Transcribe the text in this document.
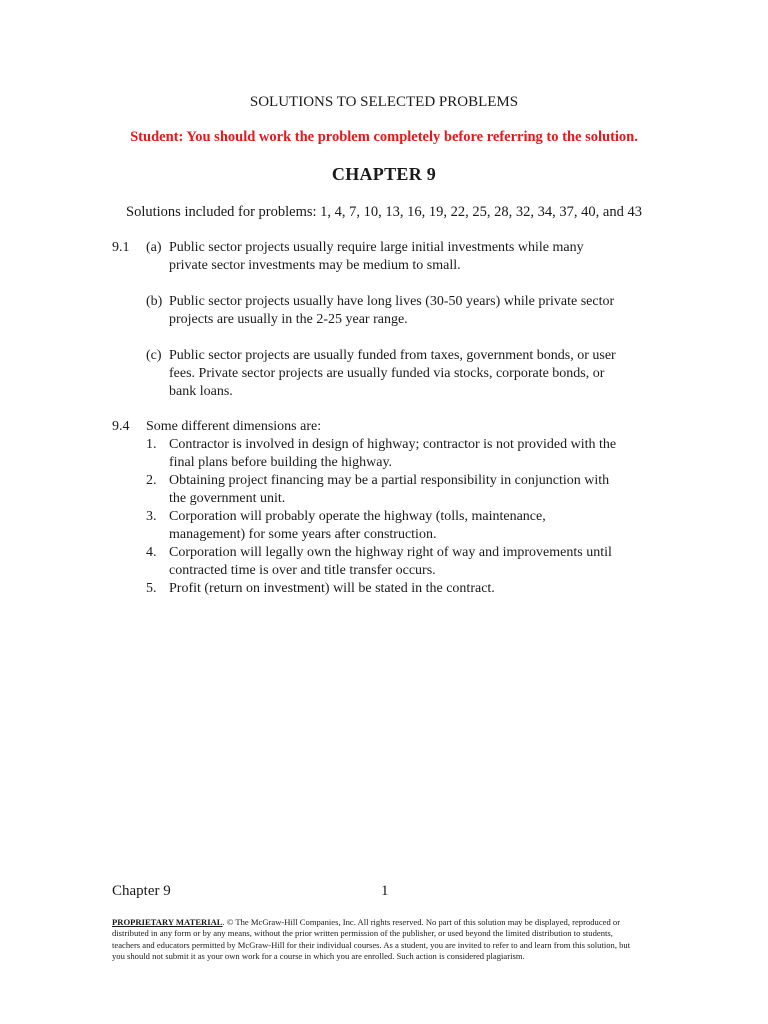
SOLUTIONS TO SELECTED PROBLEMS
Student: You should work the problem completely before referring to the solution.
CHAPTER 9
Solutions included for problems: 1, 4, 7, 10, 13, 16, 19, 22, 25, 28, 32, 34, 37, 40, and 43
9.1 (a) Public sector projects usually require large initial investments while many
private sector investments may be medium to small.
(b) Public sector projects usually have long lives (30-50 years) while private sector
projects are usually in the 2-25 year range.
(c) Public sector projects are usually funded from taxes, government bonds, or user
fees. Private sector projects are usually funded via stocks, corporate bonds, or
bank loans.
9.4 Some different dimensions are:
1. Contractor is involved in design of highway; contractor is not provided with the
final plans before building the highway.
2. Obtaining project financing may be a partial responsibility in conjunction with
the government unit.
3. Corporation will probably operate the highway (tolls, maintenance,
management) for some years after construction.
4. Corporation will legally own the highway right of way and improvements until
contracted time is over and title transfer occurs.
5. Profit (return on investment) will be stated in the contract.
Chapter 9	1
PROPRIETARY MATERIAL. © The McGraw-Hill Companies, Inc. All rights reserved. No part of this solution may be displayed, reproduced or distributed in any form or by any means, without the prior written permission of the publisher, or used beyond the limited distribution to students, teachers and educators permitted by McGraw-Hill for their individual courses. As a student, you are invited to refer to and learn from this solution, but you should not submit it as your own work for a course in which you are enrolled. Such action is considered plagiarism.
